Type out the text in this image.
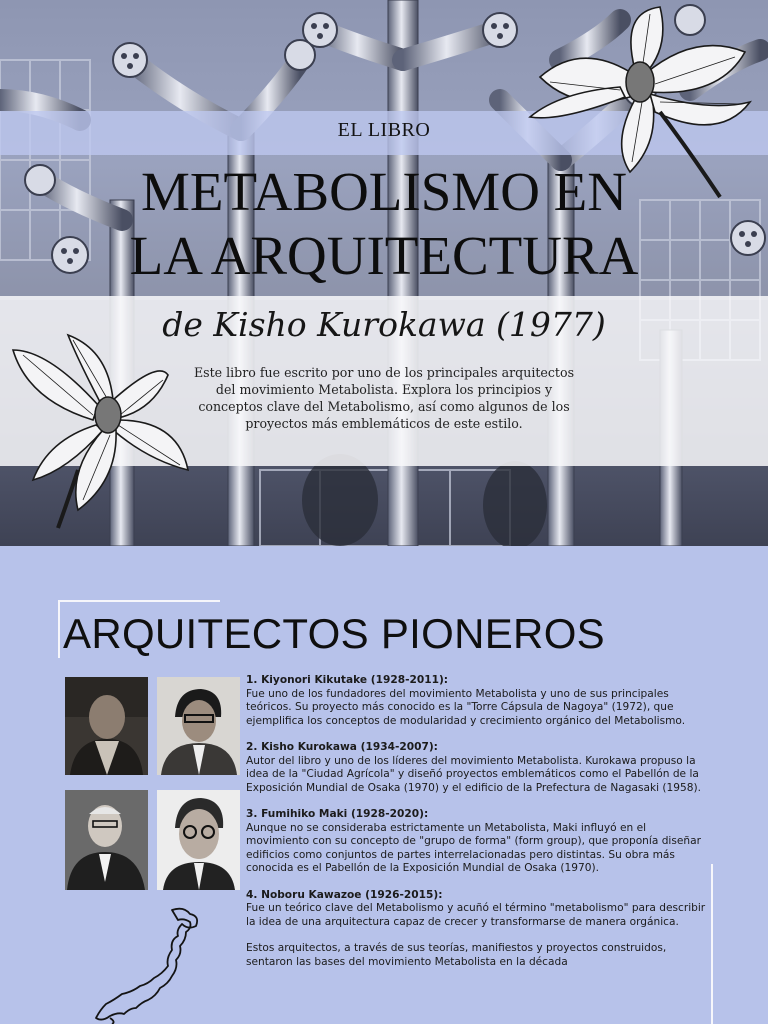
EL LIBRO
METABOLISMO EN
LA ARQUITECTURA
de Kisho Kurokawa (1977)
Este libro fue escrito por uno de los principales arquitectos del movimiento Metabolista. Explora los principios y conceptos clave del Metabolismo, así como algunos de los proyectos más emblemáticos de este estilo.
ARQUITECTOS PIONEROS
1. Kiyonori Kikutake (1928-2011):
Fue uno de los fundadores del movimiento Metabolista y uno de sus principales teóricos. Su proyecto más conocido es la "Torre Cápsula de Nagoya" (1972), que ejemplifica los conceptos de modularidad y crecimiento orgánico del Metabolismo.
2. Kisho Kurokawa (1934-2007):
Autor del libro y uno de los líderes del movimiento Metabolista. Kurokawa propuso la idea de la "Ciudad Agrícola" y diseñó proyectos emblemáticos como el Pabellón de la Exposición Mundial de Osaka (1970) y el edificio de la Prefectura de Nagasaki (1958).
3. Fumihiko Maki (1928-2020):
Aunque no se consideraba estrictamente un Metabolista, Maki influyó en el movimiento con su concepto de "grupo de forma" (form group), que proponía diseñar edificios como conjuntos de partes interrelacionadas pero distintas. Su obra más conocida es el Pabellón de la Exposición Mundial de Osaka (1970).
4. Noboru Kawazoe (1926-2015):
Fue un teórico clave del Metabolismo y acuñó el término "metabolismo" para describir la idea de una arquitectura capaz de crecer y transformarse de manera orgánica.
Estos arquitectos, a través de sus teorías, manifiestos y proyectos construidos, sentaron las bases del movimiento Metabolista en la década
